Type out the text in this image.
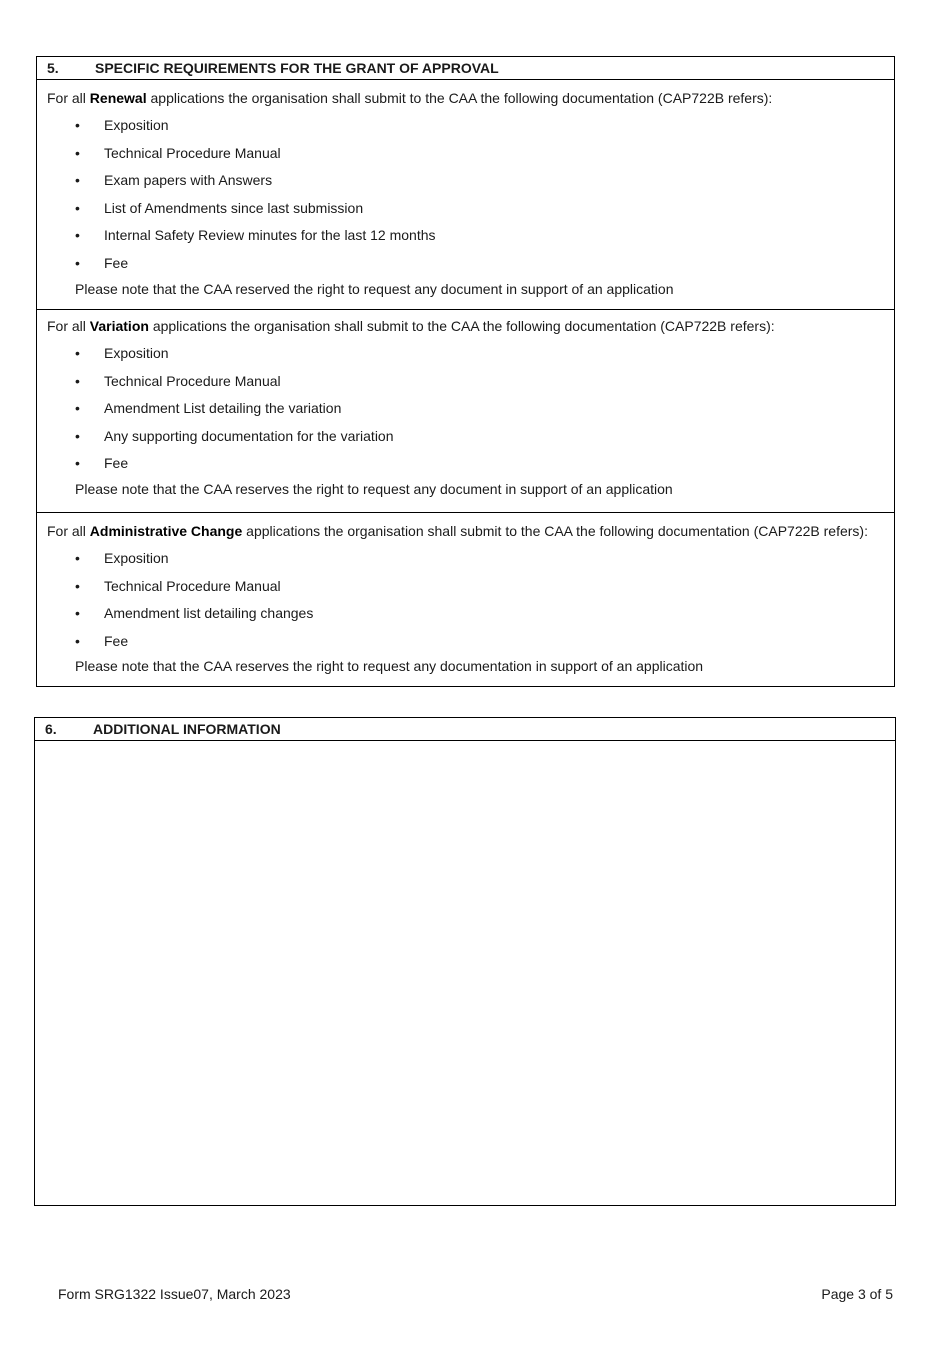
5.	SPECIFIC REQUIREMENTS FOR THE GRANT OF APPROVAL
For all Renewal applications the organisation shall submit to the CAA the following documentation (CAP722B refers):
• Exposition
• Technical Procedure Manual
• Exam papers with Answers
• List of Amendments since last submission
• Internal Safety Review minutes for the last 12 months
• Fee
Please note that the CAA reserved the right to request any document in support of an application
For all Variation applications the organisation shall submit to the CAA the following documentation (CAP722B refers):
• Exposition
• Technical Procedure Manual
• Amendment List detailing the variation
• Any supporting documentation for the variation
• Fee
Please note that the CAA reserves the right to request any document in support of an application
For all Administrative Change applications the organisation shall submit to the CAA the following documentation (CAP722B refers):
• Exposition
• Technical Procedure Manual
• Amendment list detailing changes
• Fee
Please note that the CAA reserves the right to request any documentation in support of an application
6.	ADDITIONAL INFORMATION
Form SRG1322 Issue07, March 2023	Page 3 of 5
